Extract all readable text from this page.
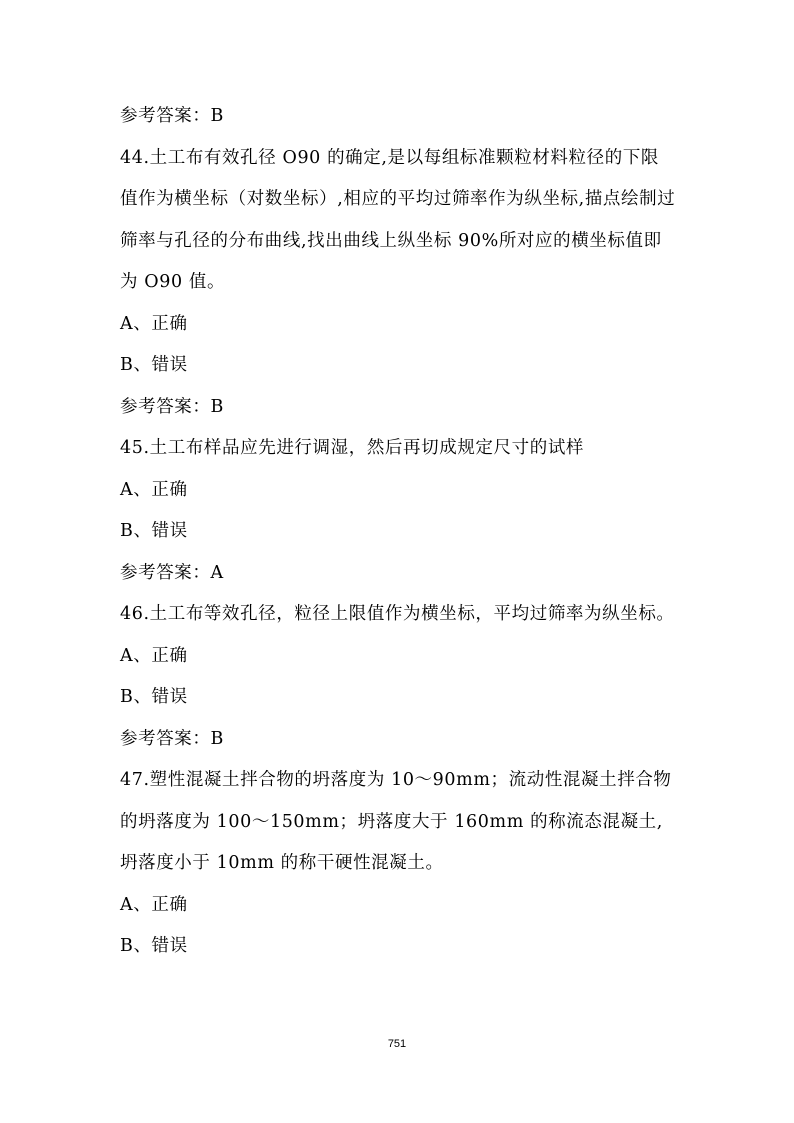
参考答案：B

44.土工布有效孔径 O90 的确定,是以每组标准颗粒材料粒径的下限值作为横坐标（对数坐标）,相应的平均过筛率作为纵坐标,描点绘制过筛率与孔径的分布曲线,找出曲线上纵坐标 90%所对应的横坐标值即为 O90 值。

A、正确

B、错误

参考答案：B

45.土工布样品应先进行调湿，然后再切成规定尺寸的试样

A、正确

B、错误

参考答案：A

46.土工布等效孔径，粒径上限值作为横坐标，平均过筛率为纵坐标。

A、正确

B、错误

参考答案：B

47.塑性混凝土拌合物的坍落度为 10～90mm；流动性混凝土拌合物的坍落度为 100～150mm；坍落度大于 160mm 的称流态混凝土,坍落度小于 10mm 的称干硬性混凝土。

A、正确

B、错误

751
